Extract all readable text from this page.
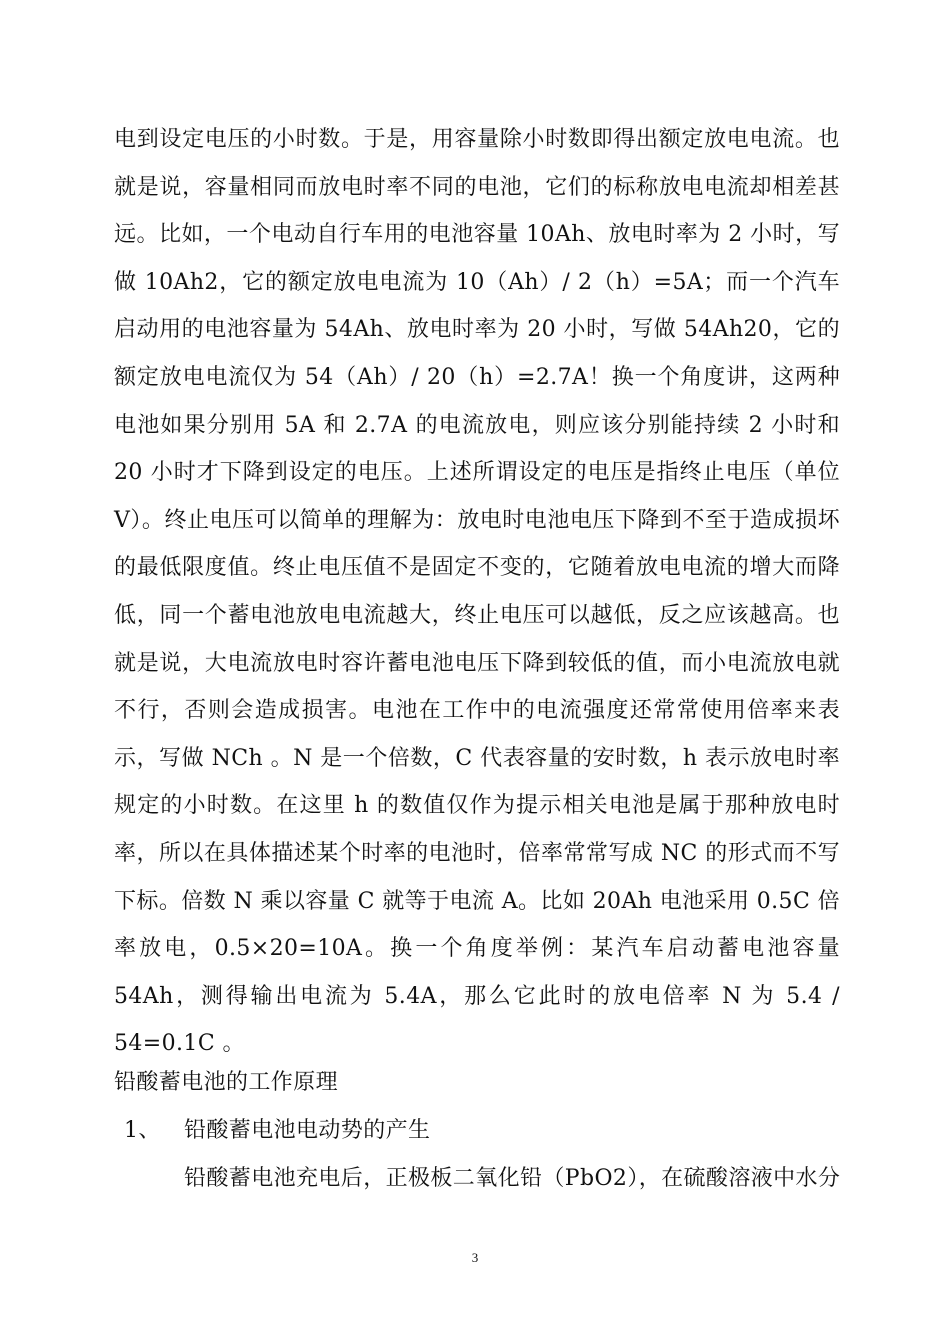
电到设定电压的小时数。于是，用容量除小时数即得出额定放电电流。也就是说，容量相同而放电时率不同的电池，它们的标称放电电流却相差甚远。比如，一个电动自行车用的电池容量 10Ah、放电时率为 2 小时，写做 10Ah2，它的额定放电电流为 10（Ah）/ 2（h）=5A；而一个汽车启动用的电池容量为 54Ah、放电时率为 20 小时，写做 54Ah20，它的额定放电电流仅为 54（Ah）/ 20（h）=2.7A！换一个角度讲，这两种电池如果分别用 5A 和 2.7A 的电流放电，则应该分别能持续 2 小时和 20 小时才下降到设定的电压。上述所谓设定的电压是指终止电压（单位 V）。终止电压可以简单的理解为：放电时电池电压下降到不至于造成损坏的最低限度值。终止电压值不是固定不变的，它随着放电电流的增大而降低，同一个蓄电池放电电流越大，终止电压可以越低，反之应该越高。也就是说，大电流放电时容许蓄电池电压下降到较低的值，而小电流放电就不行，否则会造成损害。电池在工作中的电流强度还常常使用倍率来表示，写做 NCh 。N 是一个倍数，C 代表容量的安时数，h 表示放电时率规定的小时数。在这里 h 的数值仅作为提示相关电池是属于那种放电时率，所以在具体描述某个时率的电池时，倍率常常写成 NC 的形式而不写下标。倍数 N 乘以容量 C 就等于电流 A。比如 20Ah 电池采用 0.5C 倍率放电，0.5×20=10A。换一个角度举例：某汽车启动蓄电池容量 54Ah，测得输出电流为 5.4A，那么它此时的放电倍率 N 为 5.4 / 54=0.1C 。

铅酸蓄电池的工作原理
1、 铅酸蓄电池电动势的产生

铅酸蓄电池充电后，正极板二氧化铅（PbO2），在硫酸溶液中水分

3
